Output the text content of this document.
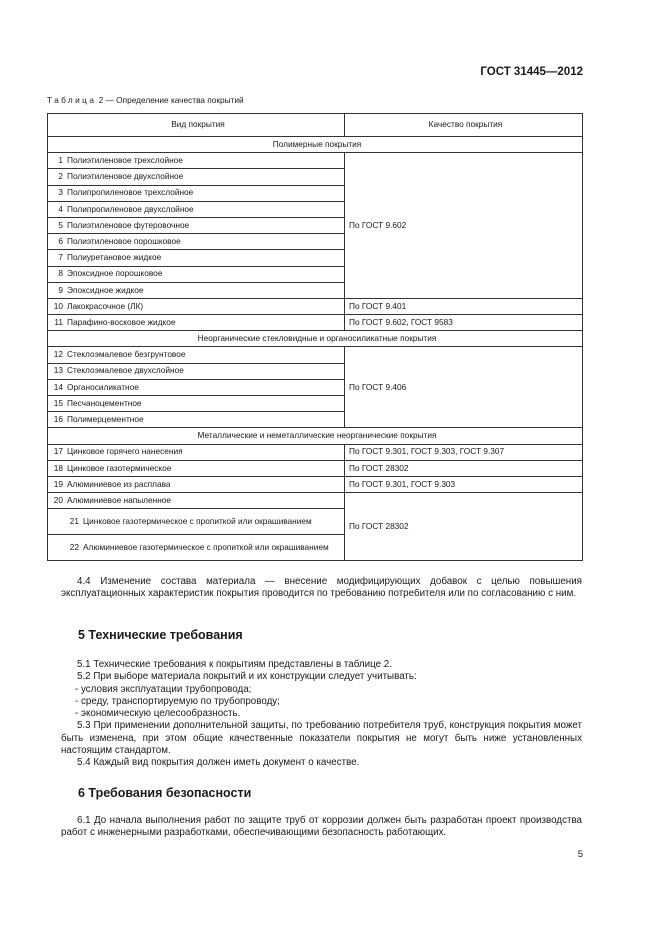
ГОСТ 31445—2012
Таблица 2 — Определение качества покрытий
Вид покрытия	Качество покрытия
Полимерные покрытия	
1 Полиэтиленовое трехслойное	По ГОСТ 9.602
2 Полиэтиленовое двухслойное	
3 Полипропиленовое трехслойное	
4 Полипропиленовое двухслойное	
5 Полиэтиленовое футеровочное	
6 Полиэтиленовое порошковое	
7 Полиуретановое жидкое	
8 Эпоксидное порошковое	
9 Эпоксидное жидкое	
10 Лакокрасочное (ЛК)	По ГОСТ 9.401
11 Парафино-восковое жидкое	По ГОСТ 9.602, ГОСТ 9583
Неорганические стекловидные и органосиликатные покрытия	
12 Стеклоэмалевое безгрунтовое	По ГОСТ 9.406
13 Стеклоэмалевое двухслойное	
14 Органосиликатное	
15 Песчаноцементное	
16 Полимерцементное	
Металлические и неметаллические неорганические покрытия	
17 Цинковое горячего нанесения	По ГОСТ 9.301, ГОСТ 9.303, ГОСТ 9.307
18 Цинковое газотермическое	По ГОСТ 28302
19 Алюминиевое из расплава	По ГОСТ 9.301, ГОСТ 9.303
20 Алюминиевое напыленное	По ГОСТ 28302
21 Цинковое газотермическое с пропиткой или окрашиванием	
22 Алюминиевое газотермическое с пропиткой или окрашиванием	

4.4 Изменение состава материала — внесение модифицирующих добавок с целью повышения эксплуатационных характеристик покрытия проводится по требованию потребителя или по согласованию с ним.

5 Технические требования

5.1 Технические требования к покрытиям представлены в таблице 2.

5.2 При выборе материала покрытий и их конструкции следует учитывать:

- условия эксплуатации трубопровода;

- среду, транспортируемую по трубопроводу;

- экономическую целесообразность.

5.3 При применении дополнительной защиты, по требованию потребителя труб, конструкция покрытия может быть изменена, при этом общие качественные показатели покрытия не могут быть ниже установленных настоящим стандартом.

5.4 Каждый вид покрытия должен иметь документ о качестве.

6 Требования безопасности

6.1 До начала выполнения работ по защите труб от коррозии должен быть разработан проект производства работ с инженерными разработками, обеспечивающими безопасность работающих.

5
